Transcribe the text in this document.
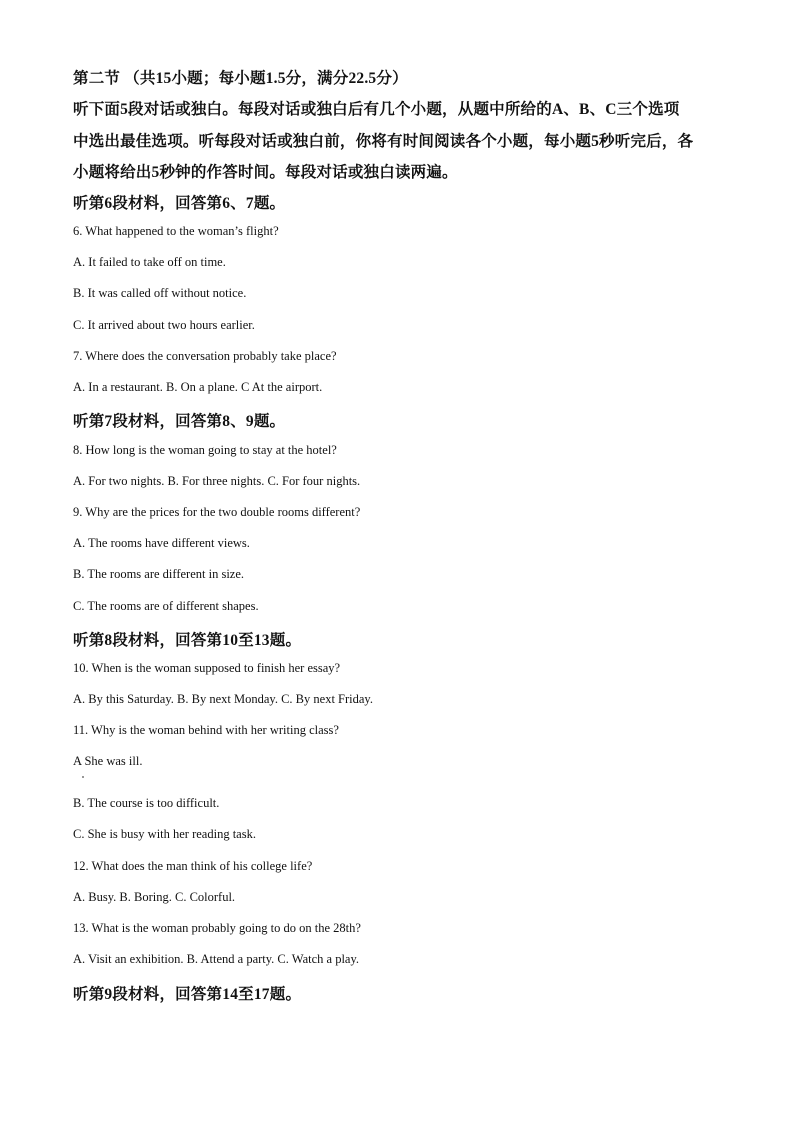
第二节 （共15小题；每小题1.5分，满分22.5分）
听下面5段对话或独白。每段对话或独白后有几个小题，从题中所给的A、B、C三个选项
中选出最佳选项。听每段对话或独白前，你将有时间阅读各个小题，每小题5秒听完后，各
小题将给出5秒钟的作答时间。每段对话或独白读两遍。
听第6段材料，回答第6、7题。
6. What happened to the woman’s flight?
A. It failed to take off on time.
B. It was called off without notice.
C. It arrived about two hours earlier.
7. Where does the conversation probably take place?
A. In a restaurant. B. On a plane. C At the airport.
听第7段材料，回答第8、9题。
8. How long is the woman going to stay at the hotel?
A. For two nights. B. For three nights. C. For four nights.
9. Why are the prices for the two double rooms different?
A. The rooms have different views.
B. The rooms are different in size.
C. The rooms are of different shapes.
听第8段材料，回答第10至13题。
10. When is the woman supposed to finish her essay?
A. By this Saturday. B. By next Monday. C. By next Friday.
11. Why is the woman behind with her writing class?
A She was ill.
B. The course is too difficult.
C. She is busy with her reading task.
12. What does the man think of his college life?
A. Busy. B. Boring. C. Colorful.
13. What is the woman probably going to do on the 28th?
A. Visit an exhibition. B. Attend a party. C. Watch a play.
听第9段材料，回答第14至17题。
